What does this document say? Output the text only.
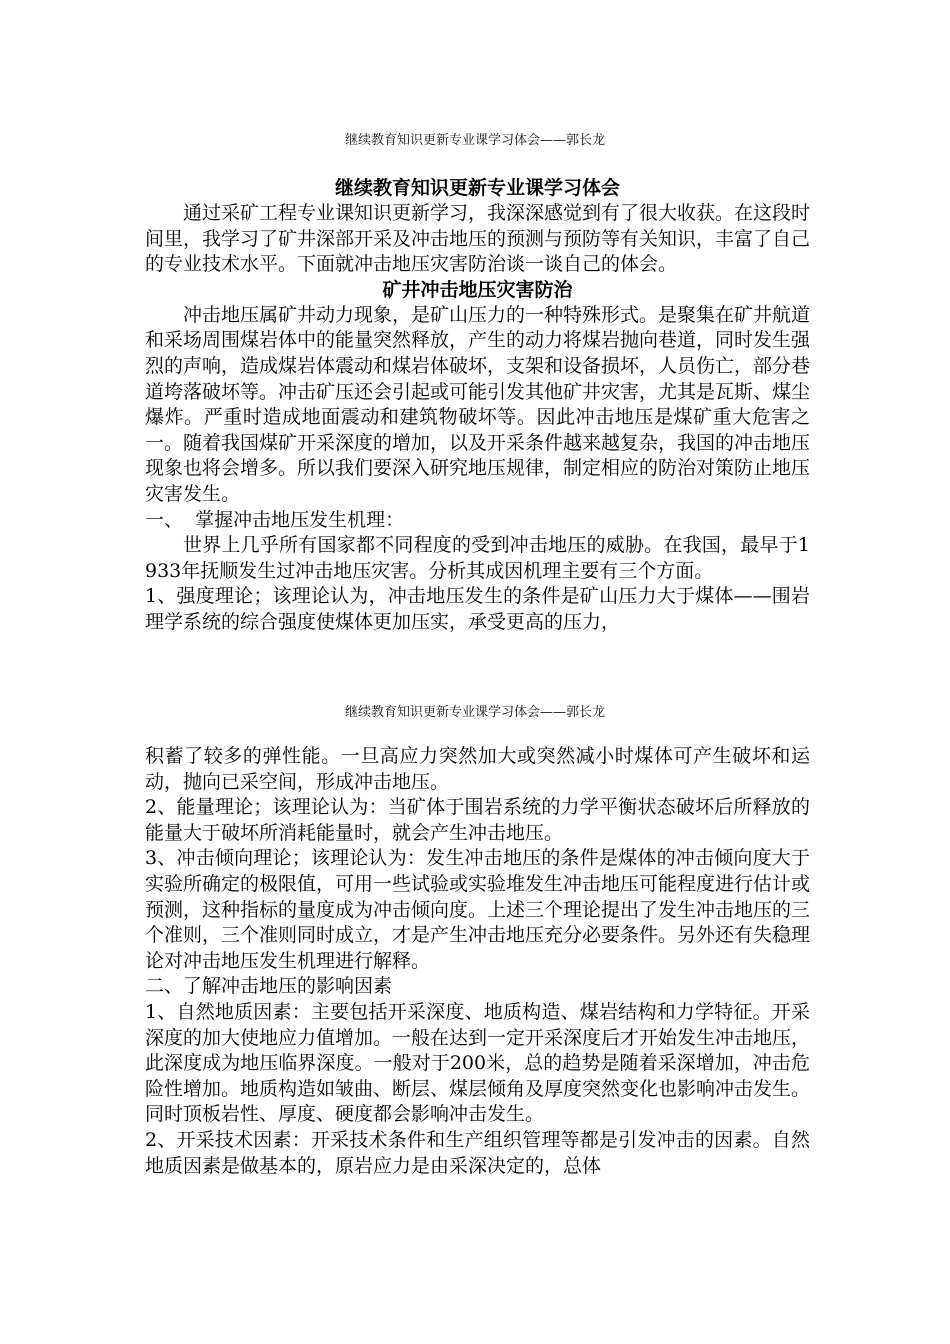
继续教育知识更新专业课学习体会——郭长龙
继续教育知识更新专业课学习体会
通过采矿工程专业课知识更新学习，我深深感觉到有了很大收获。在这段时间里，我学习了矿井深部开采及冲击地压的预测与预防等有关知识，丰富了自己的专业技术水平。下面就冲击地压灾害防治谈一谈自己的体会。
矿井冲击地压灾害防治
冲击地压属矿井动力现象，是矿山压力的一种特殊形式。是聚集在矿井航道和采场周围煤岩体中的能量突然释放，产生的动力将煤岩抛向巷道，同时发生强烈的声响，造成煤岩体震动和煤岩体破坏，支架和设备损坏，人员伤亡，部分巷道垮落破坏等。冲击矿压还会引起或可能引发其他矿井灾害，尤其是瓦斯、煤尘爆炸。严重时造成地面震动和建筑物破坏等。因此冲击地压是煤矿重大危害之一。随着我国煤矿开采深度的增加，以及开采条件越来越复杂，我国的冲击地压现象也将会增多。所以我们要深入研究地压规律，制定相应的防治对策防止地压灾害发生。
一、  掌握冲击地压发生机理：
世界上几乎所有国家都不同程度的受到冲击地压的威胁。在我国，最早于1933年抚顺发生过冲击地压灾害。分析其成因机理主要有三个方面。
1、强度理论；该理论认为，冲击地压发生的条件是矿山压力大于煤体——围岩理学系统的综合强度使煤体更加压实，承受更高的压力，
继续教育知识更新专业课学习体会——郭长龙
积蓄了较多的弹性能。一旦高应力突然加大或突然减小时煤体可产生破坏和运动，抛向已采空间，形成冲击地压。
2、能量理论；该理论认为：当矿体于围岩系统的力学平衡状态破坏后所释放的能量大于破坏所消耗能量时，就会产生冲击地压。
3、冲击倾向理论；该理论认为：发生冲击地压的条件是煤体的冲击倾向度大于实验所确定的极限值，可用一些试验或实验堆发生冲击地压可能程度进行估计或预测，这种指标的量度成为冲击倾向度。上述三个理论提出了发生冲击地压的三个准则，三个准则同时成立，才是产生冲击地压充分必要条件。另外还有失稳理论对冲击地压发生机理进行解释。
二、了解冲击地压的影响因素
1、自然地质因素：主要包括开采深度、地质构造、煤岩结构和力学特征。开采深度的加大使地应力值增加。一般在达到一定开采深度后才开始发生冲击地压，此深度成为地压临界深度。一般对于200米，总的趋势是随着采深增加，冲击危险性增加。地质构造如皱曲、断层、煤层倾角及厚度突然变化也影响冲击发生。同时顶板岩性、厚度、硬度都会影响冲击发生。
2、开采技术因素：开采技术条件和生产组织管理等都是引发冲击的因素。自然地质因素是做基本的，原岩应力是由采深决定的，总体
